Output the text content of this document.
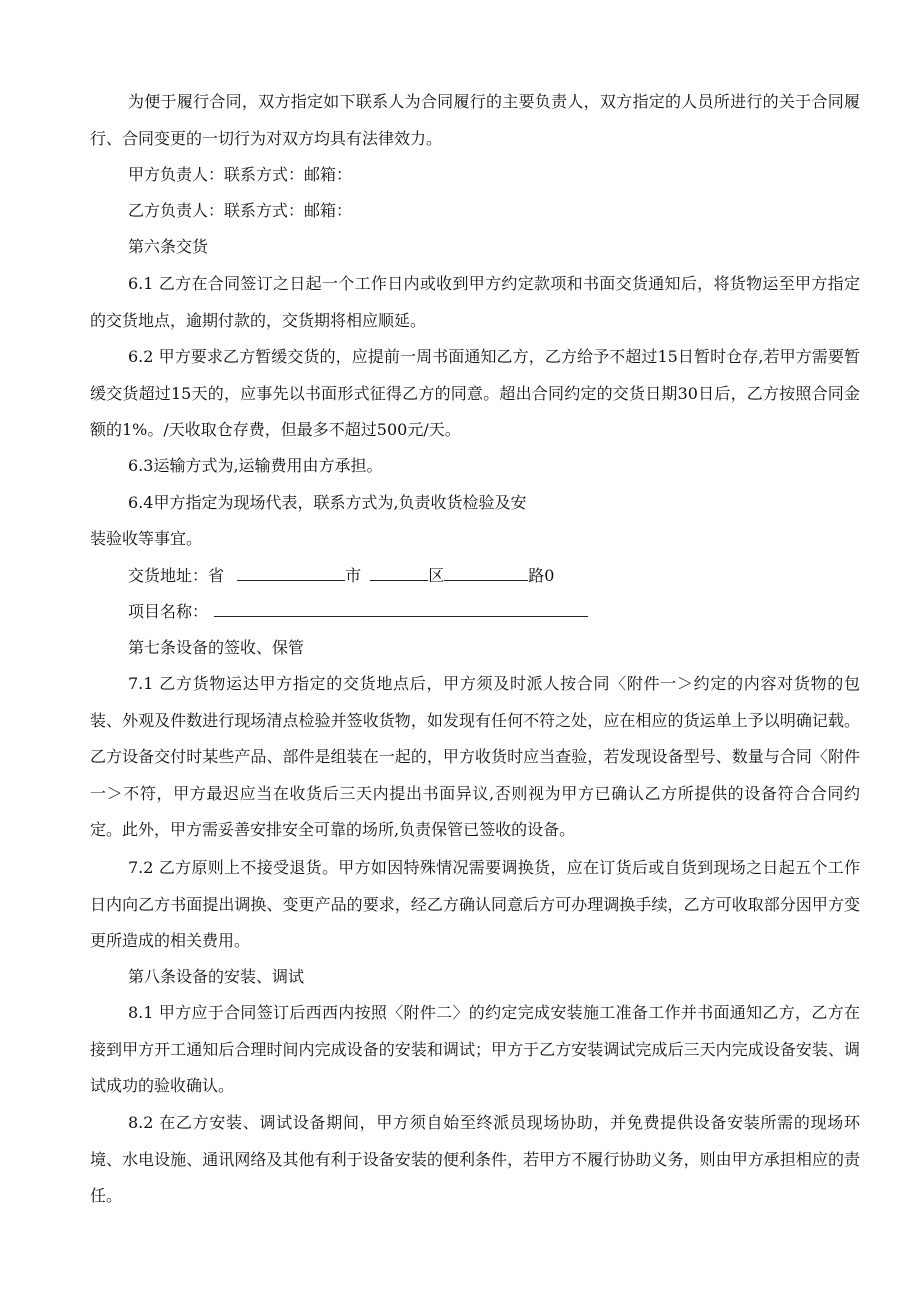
为便于履行合同，双方指定如下联系人为合同履行的主要负责人，双方指定的人员所进行的关于合同履行、合同变更的一切行为对双方均具有法律效力。

甲方负责人：联系方式：邮箱：

乙方负责人：联系方式：邮箱：

第六条交货

6.1 乙方在合同签订之日起一个工作日内或收到甲方约定款项和书面交货通知后，将货物运至甲方指定的交货地点，逾期付款的，交货期将相应顺延。

6.2 甲方要求乙方暂缓交货的，应提前一周书面通知乙方，乙方给予不超过15日暂时仓存,若甲方需要暂缓交货超过15天的，应事先以书面形式征得乙方的同意。超出合同约定的交货日期30日后，乙方按照合同金额的1%。/天收取仓存费，但最多不超过500元/天。

6.3运输方式为,运输费用由方承担。

6.4甲方指定为现场代表，联系方式为,负责收货检验及安

装验收等事宜。

交货地址：省	市	区	路0
项目名称：

第七条设备的签收、保管

7.1 乙方货物运达甲方指定的交货地点后，甲方须及时派人按合同〈附件一＞约定的内容对货物的包装、外观及件数进行现场清点检验并签收货物，如发现有任何不符之处，应在相应的货运单上予以明确记载。乙方设备交付时某些产品、部件是组装在一起的，甲方收货时应当查验，若发现设备型号、数量与合同〈附件一＞不符，甲方最迟应当在收货后三天内提出书面异议,否则视为甲方已确认乙方所提供的设备符合合同约定。此外，甲方需妥善安排安全可靠的场所,负责保管已签收的设备。

7.2 乙方原则上不接受退货。甲方如因特殊情况需要调换货，应在订货后或自货到现场之日起五个工作日内向乙方书面提出调换、变更产品的要求，经乙方确认同意后方可办理调换手续，乙方可收取部分因甲方变更所造成的相关费用。

第八条设备的安装、调试

8.1 甲方应于合同签订后西西内按照〈附件二〉的约定完成安装施工准备工作并书面通知乙方，乙方在接到甲方开工通知后合理时间内完成设备的安装和调试；甲方于乙方安装调试完成后三天内完成设备安装、调试成功的验收确认。

8.2 在乙方安装、调试设备期间，甲方须自始至终派员现场协助，并免费提供设备安装所需的现场环境、水电设施、通讯网络及其他有利于设备安装的便利条件，若甲方不履行协助义务，则由甲方承担相应的责任。
